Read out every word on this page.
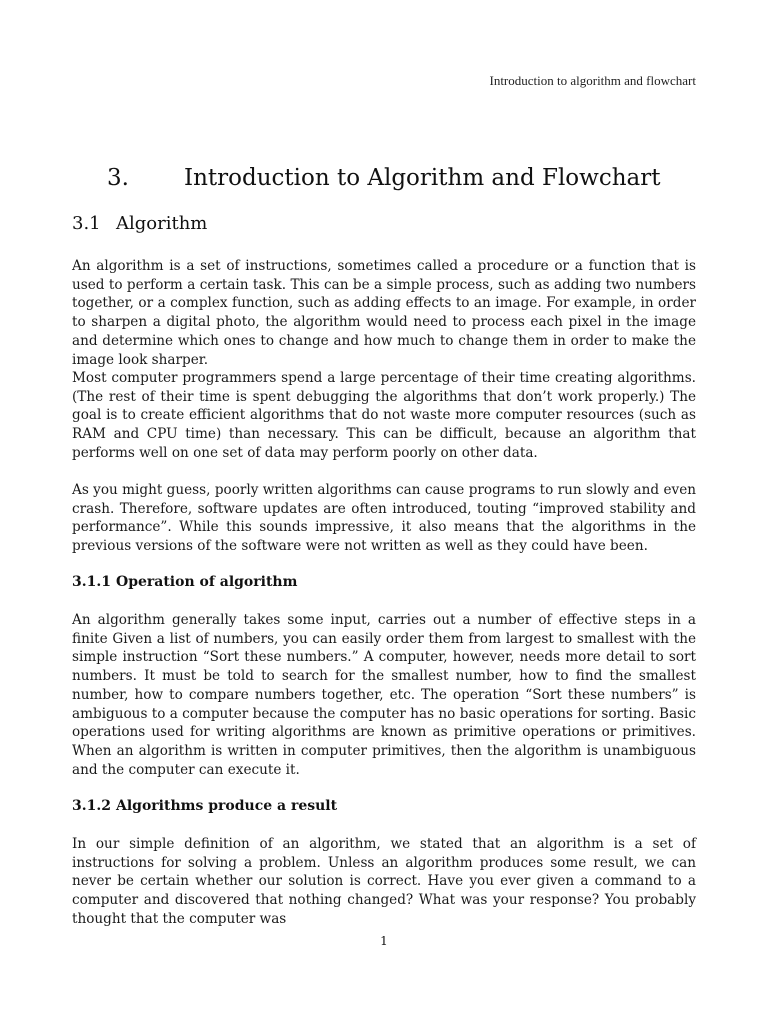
Introduction to algorithm and flowchart
3. Introduction to Algorithm and Flowchart
3.1 Algorithm

An algorithm is a set of instructions, sometimes called a procedure or a function that is used to perform a certain task. This can be a simple process, such as adding two numbers together, or a complex function, such as adding effects to an image. For example, in order to sharpen a digital photo, the algorithm would need to process each pixel in the image and determine which ones to change and how much to change them in order to make the image look sharper.

Most computer programmers spend a large percentage of their time creating algorithms. (The rest of their time is spent debugging the algorithms that don’t work properly.) The goal is to create efficient algorithms that do not waste more computer resources (such as RAM and CPU time) than necessary. This can be difficult, because an algorithm that performs well on one set of data may perform poorly on other data.

As you might guess, poorly written algorithms can cause programs to run slowly and even crash. Therefore, software updates are often introduced, touting “improved stability and performance”. While this sounds impressive, it also means that the algorithms in the previous versions of the software were not written as well as they could have been.

3.1.1 Operation of algorithm

An algorithm generally takes some input, carries out a number of effective steps in a finite Given a list of numbers, you can easily order them from largest to smallest with the simple instruction “Sort these numbers.” A computer, however, needs more detail to sort numbers. It must be told to search for the smallest number, how to find the smallest number, how to compare numbers together, etc. The operation “Sort these numbers” is ambiguous to a computer because the computer has no basic operations for sorting. Basic operations used for writing algorithms are known as primitive operations or primitives. When an algorithm is written in computer primitives, then the algorithm is unambiguous and the computer can execute it.

3.1.2 Algorithms produce a result

In our simple definition of an algorithm, we stated that an algorithm is a set of instructions for solving a problem. Unless an algorithm produces some result, we can never be certain whether our solution is correct. Have you ever given a command to a computer and discovered that nothing changed? What was your response? You probably thought that the computer was

1
